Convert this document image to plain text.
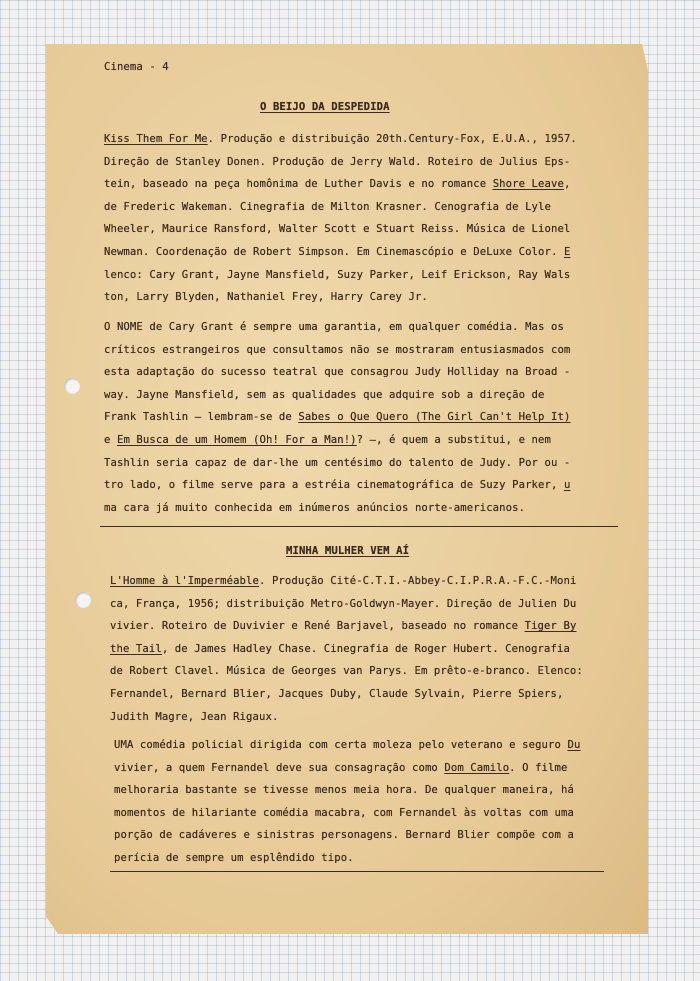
Cinema - 4
O BEIJO DA DESPEDIDA
MINHA MULHER VEM AÍ
Kiss Them For Me. Produção e distribuição 20th.Century-Fox, E.U.A., 1957.
Direção de Stanley Donen. Produção de Jerry Wald. Roteiro de Julius Eps-
tein, baseado na peça homônima de Luther Davis e no romance Shore Leave,
de Frederic Wakeman. Cinegrafia de Milton Krasner. Cenografia de Lyle
Wheeler, Maurice Ransford, Walter Scott e Stuart Reiss. Música de Lionel
Newman. Coordenação de Robert Simpson. Em Cinemascópio e DeLuxe Color. E
lenco: Cary Grant, Jayne Mansfield, Suzy Parker, Leif Erickson, Ray Wals
ton, Larry Blyden, Nathaniel Frey, Harry Carey Jr.
O NOME de Cary Grant é sempre uma garantia, em qualquer comédia. Mas os
críticos estrangeiros que consultamos não se mostraram entusiasmados com
esta adaptação do sucesso teatral que consagrou Judy Holliday na Broad -
way. Jayne Mansfield, sem as qualidades que adquire sob a direção de
Frank Tashlin — lembram-se de Sabes o Que Quero (The Girl Can't Help It)
e Em Busca de um Homem (Oh! For a Man!)? —, é quem a substitui, e nem
Tashlin seria capaz de dar-lhe um centésimo do talento de Judy. Por ou -
tro lado, o filme serve para a estréia cinematográfica de Suzy Parker, u
ma cara já muito conhecida em inúmeros anúncios norte-americanos.
L'Homme à l'Imperméable. Produção Cité-C.T.I.-Abbey-C.I.P.R.A.-F.C.-Moni
ca, França, 1956; distribuição Metro-Goldwyn-Mayer. Direção de Julien Du
vivier. Roteiro de Duvivier e René Barjavel, baseado no romance Tiger By
the Tail, de James Hadley Chase. Cinegrafia de Roger Hubert. Cenografia
de Robert Clavel. Música de Georges van Parys. Em prêto-e-branco. Elenco:
Fernandel, Bernard Blier, Jacques Duby, Claude Sylvain, Pierre Spiers,
Judith Magre, Jean Rigaux.
UMA comédia policial dirigida com certa moleza pelo veterano e seguro Du
vivier, a quem Fernandel deve sua consagração como Dom Camilo. O filme
melhoraria bastante se tivesse menos meia hora. De qualquer maneira, há
momentos de hilariante comédia macabra, com Fernandel às voltas com uma
porção de cadáveres e sinistras personagens. Bernard Blier compõe com a
perícia de sempre um esplêndido tipo.
